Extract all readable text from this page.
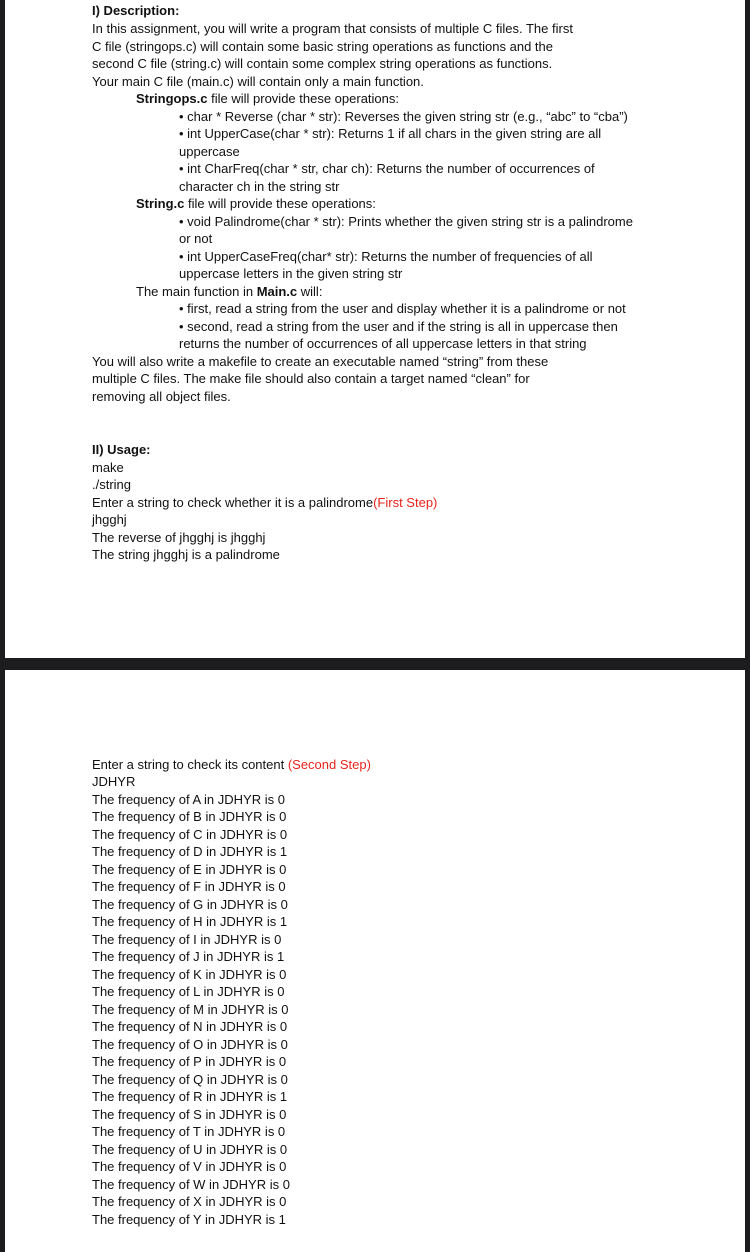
I) Description:
In this assignment, you will write a program that consists of multiple C files. The first
C file (stringops.c) will contain some basic string operations as functions and the
second C file (string.c) will contain some complex string operations as functions.
Your main C file (main.c) will contain only a main function.
Stringops.c file will provide these operations:
• char * Reverse (char * str): Reverses the given string str (e.g., “abc” to “cba”)
• int UpperCase(char * str): Returns 1 if all chars in the given string are all
uppercase
• int CharFreq(char * str, char ch): Returns the number of occurrences of
character ch in the string str
String.c file will provide these operations:
• void Palindrome(char * str): Prints whether the given string str is a palindrome
or not
• int UpperCaseFreq(char* str): Returns the number of frequencies of all
uppercase letters in the given string str
The main function in Main.c will:
• first, read a string from the user and display whether it is a palindrome or not
• second, read a string from the user and if the string is all in uppercase then
returns the number of occurrences of all uppercase letters in that string
You will also write a makefile to create an executable named “string” from these
multiple C files. The make file should also contain a target named “clean” for
removing all object files.
II) Usage:
make
./string
Enter a string to check whether it is a palindrome(First Step)
jhgghj
The reverse of jhgghj is jhgghj
The string jhgghj is a palindrome
Enter a string to check its content (Second Step)
JDHYR
The frequency of A in JDHYR is 0
The frequency of B in JDHYR is 0
The frequency of C in JDHYR is 0
The frequency of D in JDHYR is 1
The frequency of E in JDHYR is 0
The frequency of F in JDHYR is 0
The frequency of G in JDHYR is 0
The frequency of H in JDHYR is 1
The frequency of I in JDHYR is 0
The frequency of J in JDHYR is 1
The frequency of K in JDHYR is 0
The frequency of L in JDHYR is 0
The frequency of M in JDHYR is 0
The frequency of N in JDHYR is 0
The frequency of O in JDHYR is 0
The frequency of P in JDHYR is 0
The frequency of Q in JDHYR is 0
The frequency of R in JDHYR is 1
The frequency of S in JDHYR is 0
The frequency of T in JDHYR is 0
The frequency of U in JDHYR is 0
The frequency of V in JDHYR is 0
The frequency of W in JDHYR is 0
The frequency of X in JDHYR is 0
The frequency of Y in JDHYR is 1
